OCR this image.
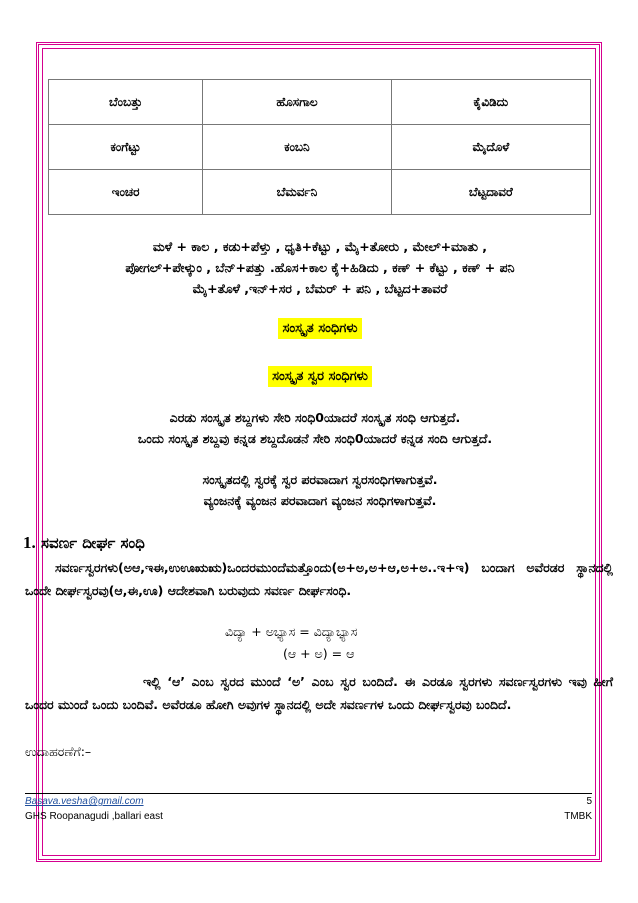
ಬೆಂಬತ್ತು	ಹೊಸಗಾಲ	ಕೈವಿಡಿದು
ಕಂಗೆಟ್ಟು	ಕಂಬನಿ	ಮೈದೊಳೆ
ಇಂಚರ	ಬೆಮರ್ವನಿ	ಬೆಟ್ಟದಾವರೆ
ಮಳೆ + ಕಾಲ , ಕಡು+ಪೆಳ್ತು , ಧೃತಿ+ಕೆಟ್ಟು , ಮೈ+ತೋರು , ಮೇಲ್+ಮಾತು ,
ಪೋಗಲ್+ಪೇಳ್ಕುಂ , ಬೆನ್+ಪತ್ತು .ಹೊಸ+ಕಾಲ ಕೈ+ಹಿಡಿದು , ಕಣ್ + ಕೆಟ್ಟು , ಕಣ್ + ಪನಿ
ಮೈ+ತೊಳೆ ,ಇನ್+ಸರ , ಬೆಮರ್ + ಪನಿ , ಬೆಟ್ಟದ+ತಾವರೆ
ಸಂಸ್ಕೃತ ಸಂಧಿಗಳು
ಸಂಸ್ಕೃತ ಸ್ವರ ಸಂಧಿಗಳು
ಎರಡು ಸಂಸ್ಕೃತ ಶಬ್ದಗಳು ಸೇರಿ ಸಂಧಿ0ಯಾದರೆ ಸಂಸ್ಕೃತ ಸಂಧಿ ಆಗುತ್ತದೆ.
ಒಂದು ಸಂಸ್ಕೃತ ಶಬ್ದವು ಕನ್ನಡ ಶಬ್ದದೊಡನೆ ಸೇರಿ ಸಂಧಿ0ಯಾದರೆ ಕನ್ನಡ ಸಂದಿ ಆಗುತ್ತದೆ.
ಸಂಸ್ಕೃತದಲ್ಲಿ ಸ್ವರಕ್ಕೆ ಸ್ವರ ಪರವಾದಾಗ ಸ್ವರಸಂಧಿಗಳಾಗುತ್ತವೆ.
ವ್ಯಂಜನಕ್ಕೆ ವ್ಯಂಜನ ಪರವಾದಾಗ ವ್ಯಂಜನ ಸಂಧಿಗಳಾಗುತ್ತವೆ.
1. ಸವರ್ಣ ದೀರ್ಘ ಸಂಧಿ
ಸವರ್ಣಸ್ವರಗಳು(ಅಆ,ಇಈ,ಉಊಋಋ)ಒಂದರಮುಂದೆಮತ್ತೊಂದು(ಅ+ಅ,ಅ+ಆ,ಅ+ಅ..ಇ+ಇ) ಬಂದಾಗ ಅವೆರಡರ ಸ್ಥಾನದಲ್ಲಿ ಒಂದೇ ದೀರ್ಘಸ್ವರವು(ಆ,ಈ,ಊ) ಆದೇಶವಾಗಿ ಬರುವುದು ಸವರ್ಣ ದೀರ್ಘಸಂಧಿ.
ವಿದ್ಯಾ + ಅಭ್ಯಾಸ = ವಿದ್ಯಾಭ್ಯಾಸ
(ಆ + ಅ) = ಆ
ಇಲ್ಲಿ ‘ಆ’ ಎಂಬ ಸ್ವರದ ಮುಂದೆ ‘ಅ’ ಎಂಬ ಸ್ವರ ಬಂದಿದೆ. ಈ ಎರಡೂ ಸ್ವರಗಳು ಸವರ್ಣಸ್ವರಗಳು ಇವು ಹೀಗೆ ಒಂದರ ಮುಂದೆ ಒಂದು ಬಂದಿವೆ. ಅವೆರಡೂ ಹೋಗಿ ಅವುಗಳ ಸ್ಥಾನದಲ್ಲಿ ಅದೇ ಸವರ್ಣಗಳ ಒಂದು ದೀರ್ಘಸ್ವರವು ಬಂದಿದೆ.
ಉದಾಹರಣೆಗೆ:–
Basava.vesha@gmail.com	5
GHS Roopanagudi ,ballari east	TMBK
